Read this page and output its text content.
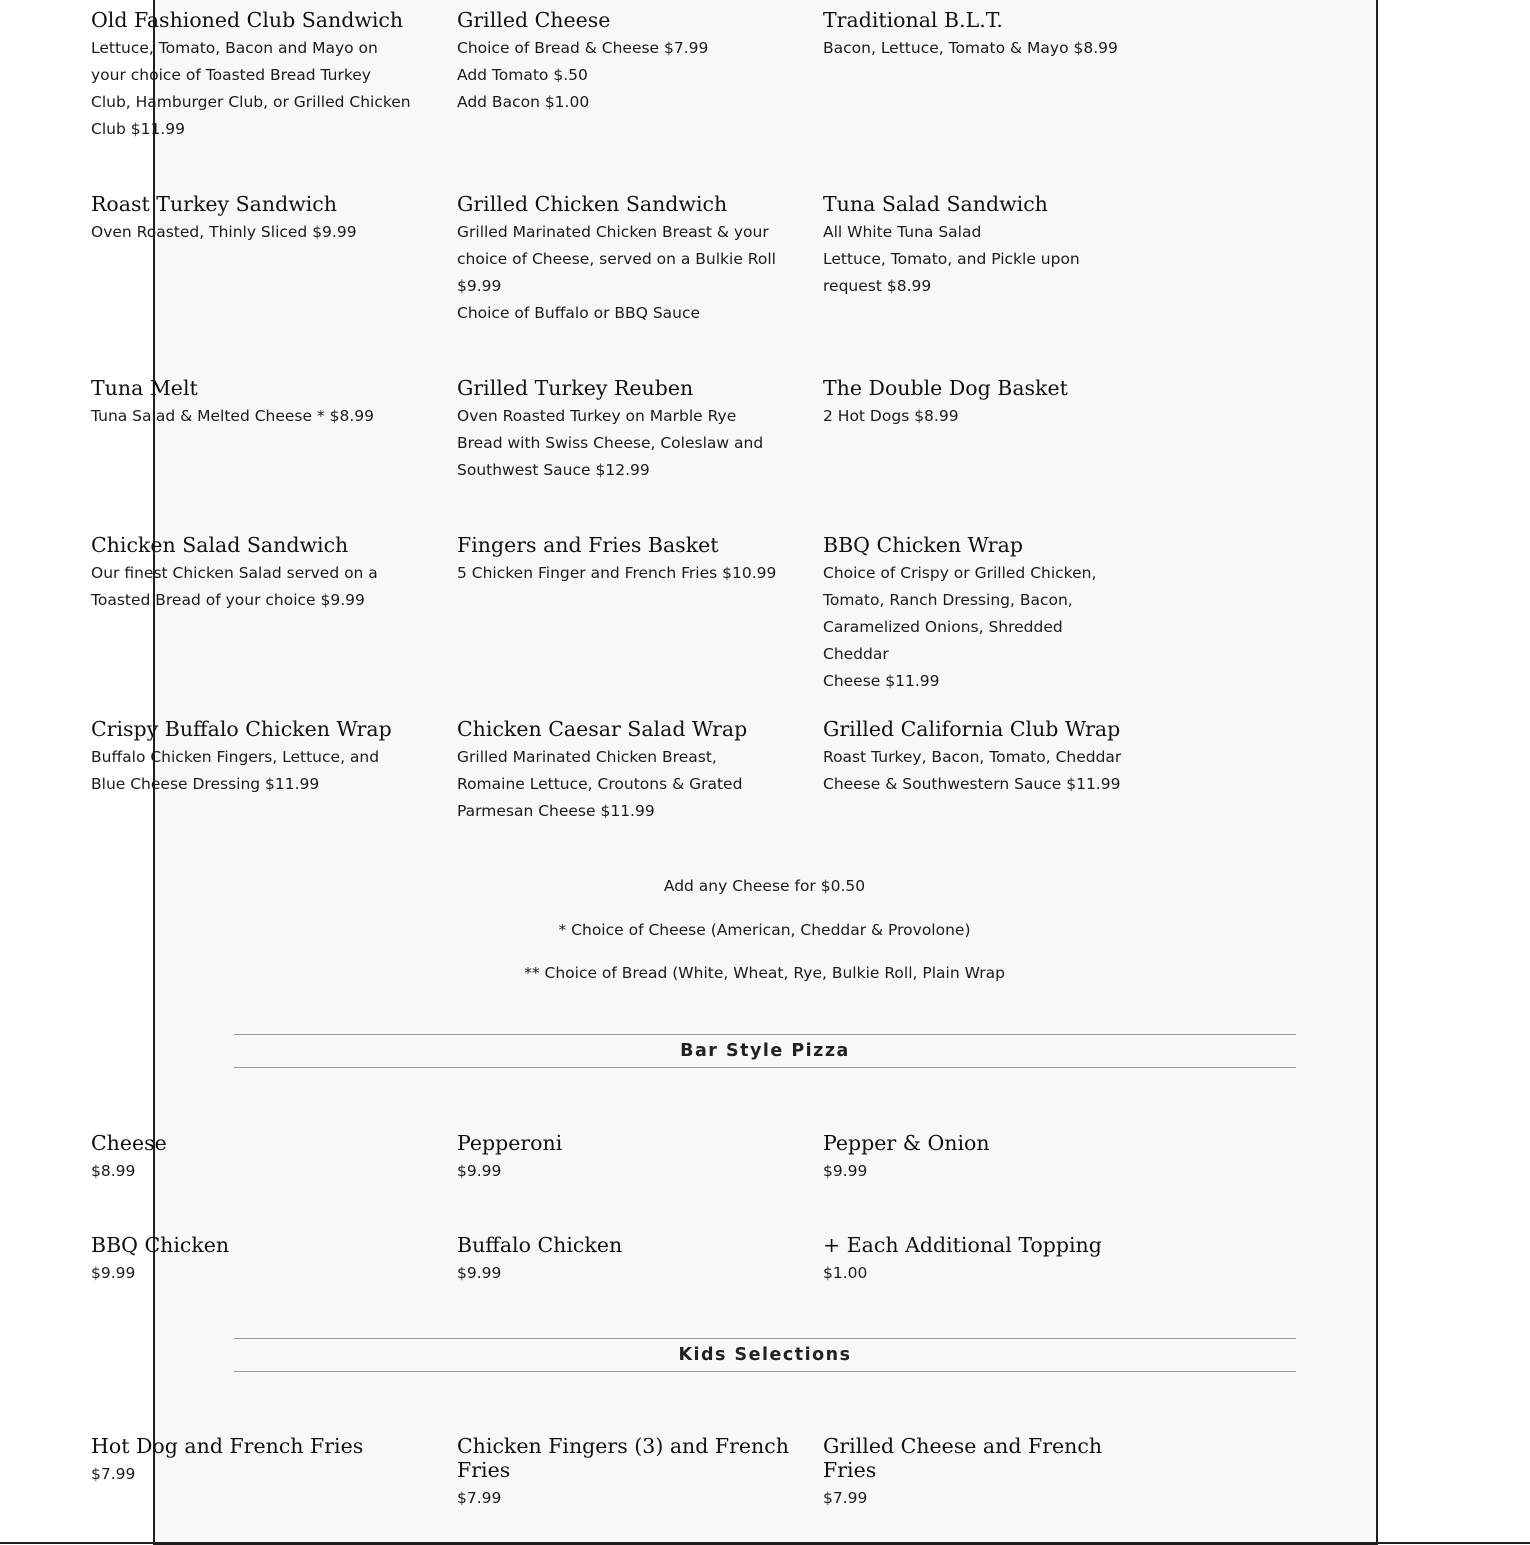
Old Fashioned Club Sandwich
Lettuce, Tomato, Bacon and Mayo on
your choice of Toasted Bread Turkey
Club, Hamburger Club, or Grilled Chicken
Club $11.99
Grilled Cheese
Choice of Bread & Cheese $7.99
Add Tomato $.50
Add Bacon $1.00
Traditional B.L.T.
Bacon, Lettuce, Tomato & Mayo $8.99
Roast Turkey Sandwich
Oven Roasted, Thinly Sliced $9.99
Grilled Chicken Sandwich
Grilled Marinated Chicken Breast & your
choice of Cheese, served on a Bulkie Roll
$9.99
Choice of Buffalo or BBQ Sauce
Tuna Salad Sandwich
All White Tuna Salad
Lettuce, Tomato, and Pickle upon
request $8.99
Tuna Melt
Tuna Salad & Melted Cheese * $8.99
Grilled Turkey Reuben
Oven Roasted Turkey on Marble Rye
Bread with Swiss Cheese, Coleslaw and
Southwest Sauce $12.99
The Double Dog Basket
2 Hot Dogs $8.99
Chicken Salad Sandwich
Our finest Chicken Salad served on a
Toasted Bread of your choice $9.99
Fingers and Fries Basket
5 Chicken Finger and French Fries $10.99
BBQ Chicken Wrap
Choice of Crispy or Grilled Chicken,
Tomato, Ranch Dressing, Bacon,
Caramelized Onions, Shredded Cheddar
Cheese $11.99
Crispy Buffalo Chicken Wrap
Buffalo Chicken Fingers, Lettuce, and
Blue Cheese Dressing $11.99
Chicken Caesar Salad Wrap
Grilled Marinated Chicken Breast,
Romaine Lettuce, Croutons & Grated
Parmesan Cheese $11.99
Grilled California Club Wrap
Roast Turkey, Bacon, Tomato, Cheddar
Cheese & Southwestern Sauce $11.99
Add any Cheese for $0.50
* Choice of Cheese (American, Cheddar & Provolone)
** Choice of Bread (White, Wheat, Rye, Bulkie Roll, Plain Wrap
Bar Style Pizza
Cheese
$8.99
Pepperoni
$9.99
Pepper & Onion
$9.99
BBQ Chicken
$9.99
Buffalo Chicken
$9.99
+ Each Additional Topping
$1.00
Kids Selections
Hot Dog and French Fries
$7.99
Chicken Fingers (3) and French Fries
$7.99
Grilled Cheese and French Fries
$7.99
